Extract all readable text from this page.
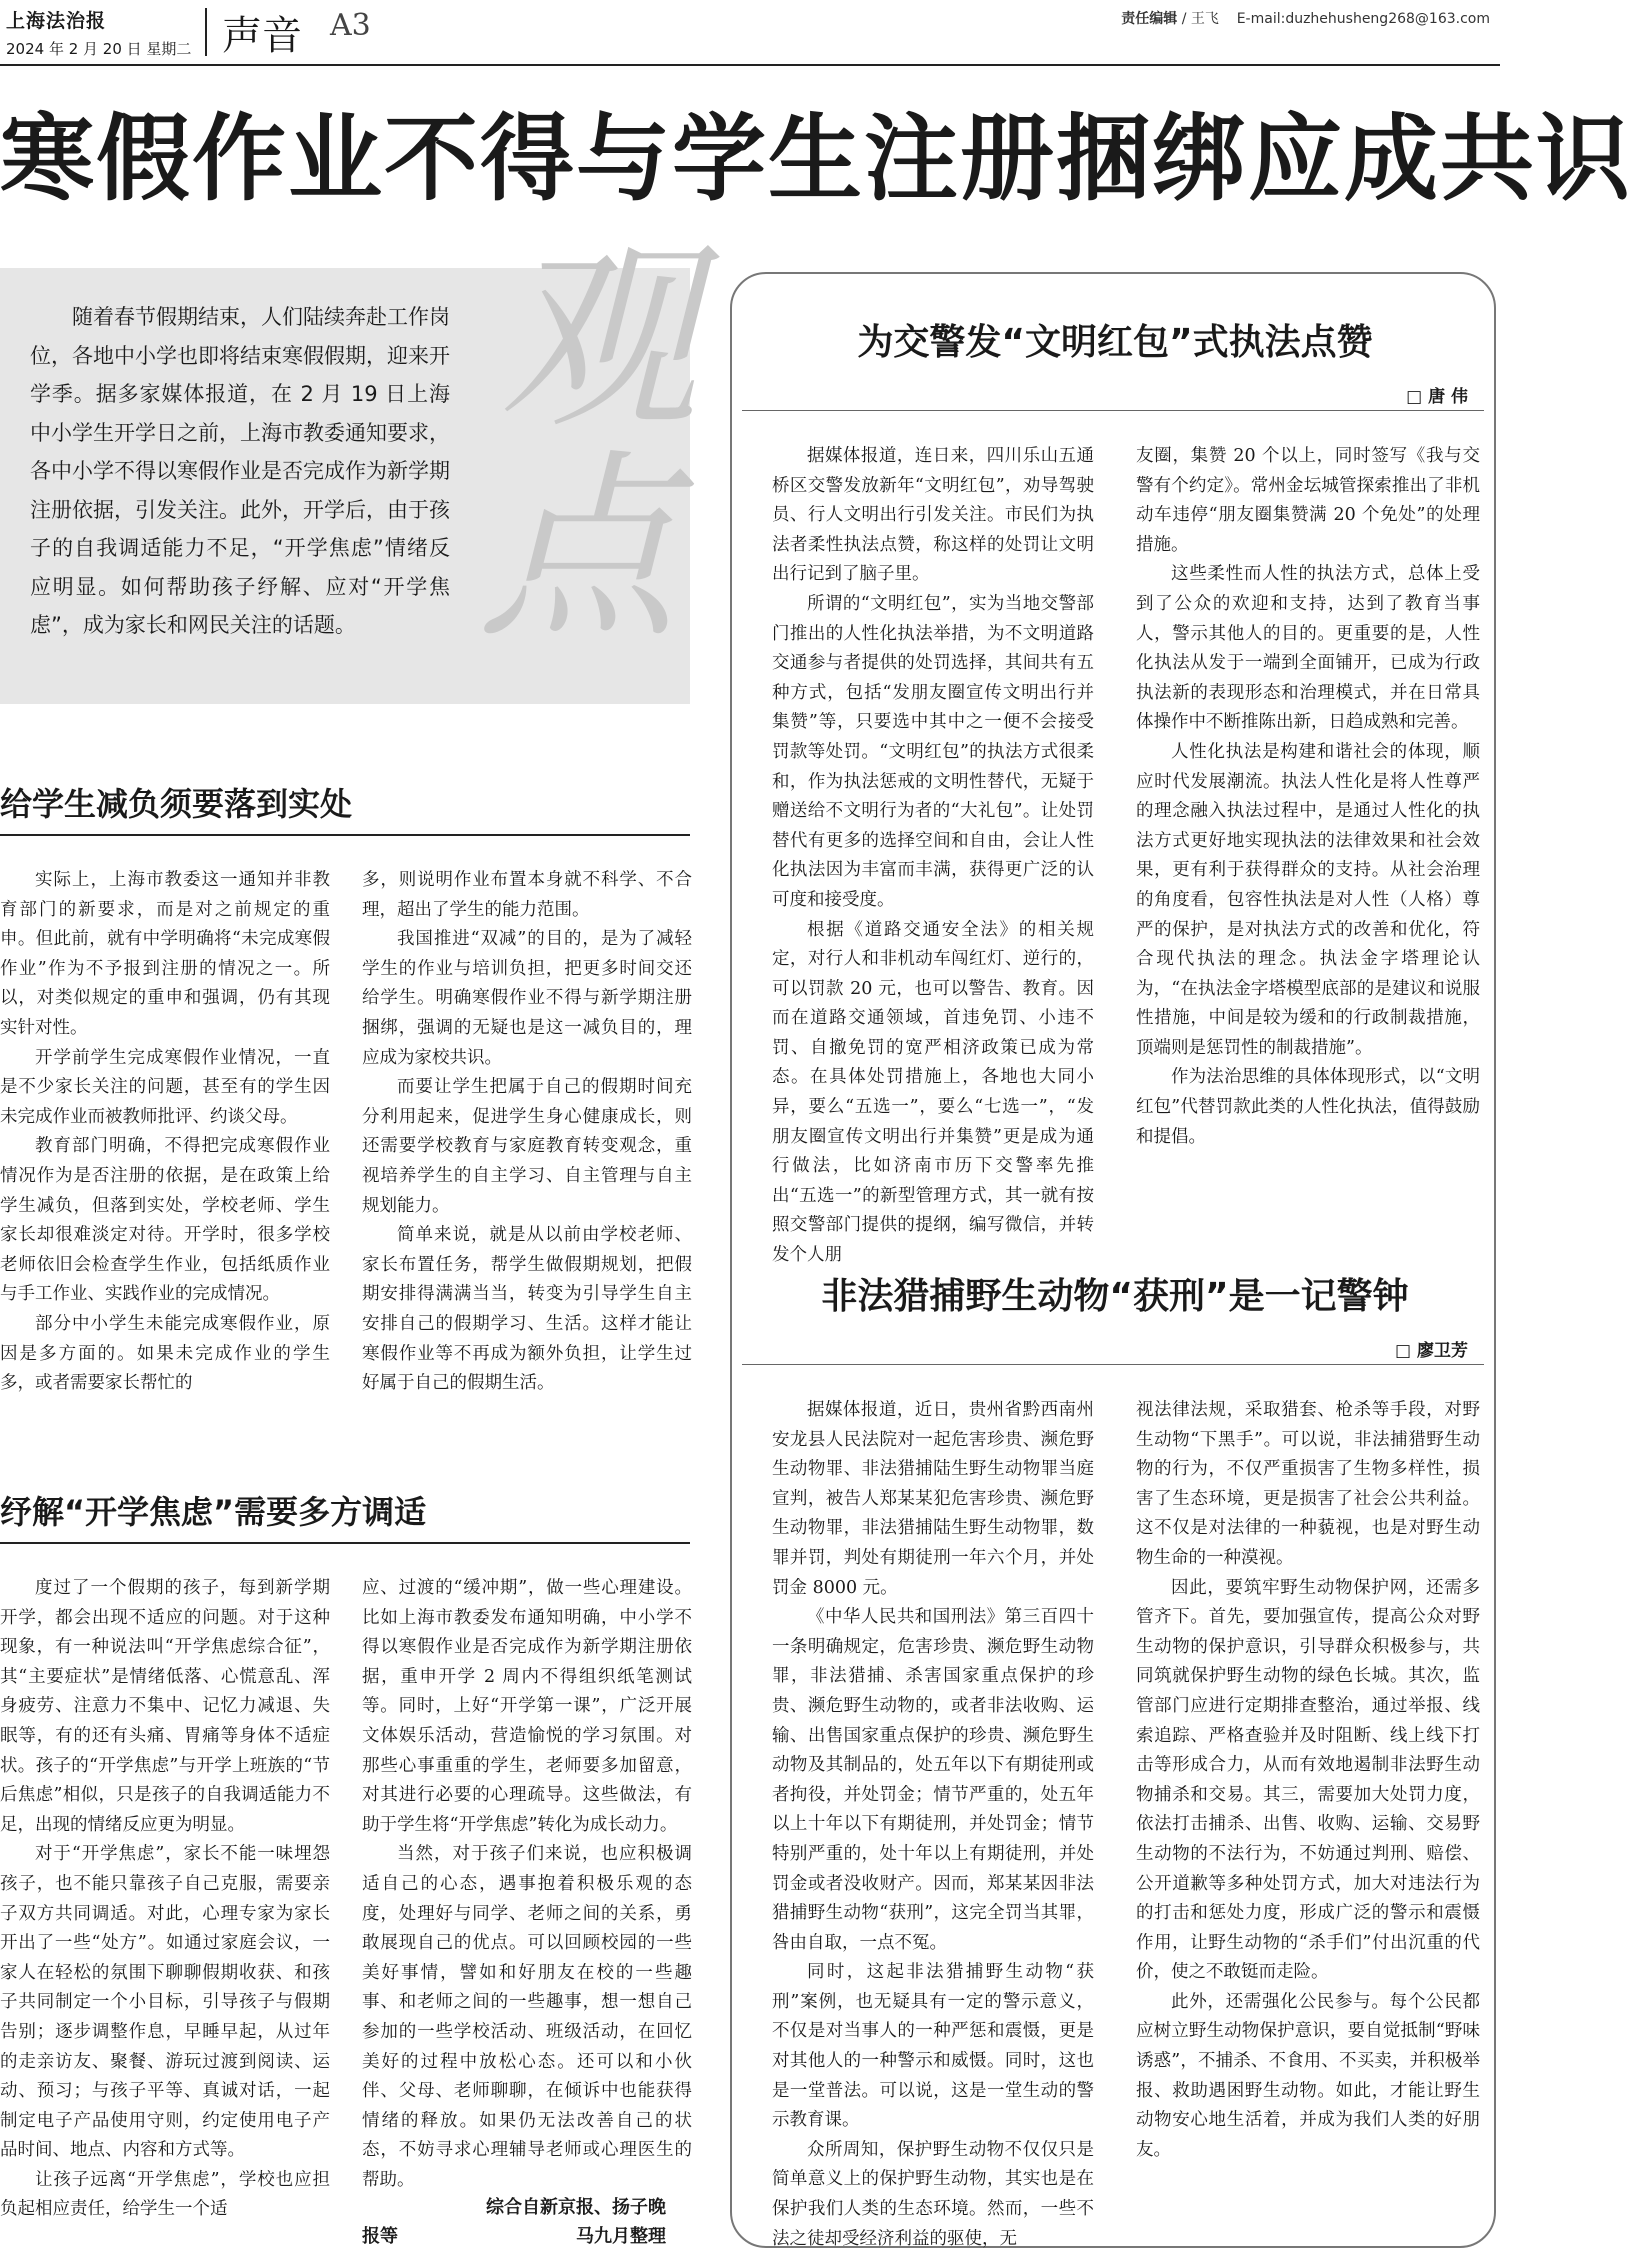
上海法治报
2024 年 2 月 20 日 星期二 声音 A3	责任编辑 / 王飞 E-mail:duzhehusheng268@163.com
寒假作业不得与学生注册捆绑应成共识

随着春节假期结束，人们陆续奔赴工作岗位，各地中小学也即将结束寒假假期，迎来开学季。据多家媒体报道，在 2 月 19 日上海中小学生开学日之前，上海市教委通知要求，各中小学不得以寒假作业是否完成作为新学期注册依据，引发关注。此外，开学后，由于孩子的自我调适能力不足，“开学焦虑”情绪反应明显。如何帮助孩子纾解、应对“开学焦虑”，成为家长和网民关注的话题。

观
点
给学生减负须要落到实处

实际上，上海市教委这一通知并非教育部门的新要求，而是对之前规定的重申。但此前，就有中学明确将“未完成寒假作业”作为不予报到注册的情况之一。所以，对类似规定的重申和强调，仍有其现实针对性。

开学前学生完成寒假作业情况，一直是不少家长关注的问题，甚至有的学生因未完成作业而被教师批评、约谈父母。

教育部门明确，不得把完成寒假作业情况作为是否注册的依据，是在政策上给学生减负，但落到实处，学校老师、学生家长却很难淡定对待。开学时，很多学校老师依旧会检查学生作业，包括纸质作业与手工作业、实践作业的完成情况。

部分中小学生未能完成寒假作业，原因是多方面的。如果未完成作业的学生多，或者需要家长帮忙的

多，则说明作业布置本身就不科学、不合理，超出了学生的能力范围。

我国推进“双减”的目的，是为了减轻学生的作业与培训负担，把更多时间交还给学生。明确寒假作业不得与新学期注册捆绑，强调的无疑也是这一减负目的，理应成为家校共识。

而要让学生把属于自己的假期时间充分利用起来，促进学生身心健康成长，则还需要学校教育与家庭教育转变观念，重视培养学生的自主学习、自主管理与自主规划能力。

简单来说，就是从以前由学校老师、家长布置任务，帮学生做假期规划，把假期安排得满满当当，转变为引导学生自主安排自己的假期学习、生活。这样才能让寒假作业等不再成为额外负担，让学生过好属于自己的假期生活。

纾解“开学焦虑”需要多方调适

度过了一个假期的孩子，每到新学期开学，都会出现不适应的问题。对于这种现象，有一种说法叫“开学焦虑综合征”，其“主要症状”是情绪低落、心慌意乱、浑身疲劳、注意力不集中、记忆力减退、失眠等，有的还有头痛、胃痛等身体不适症状。孩子的“开学焦虑”与开学上班族的“节后焦虑”相似，只是孩子的自我调适能力不足，出现的情绪反应更为明显。

对于“开学焦虑”，家长不能一味埋怨孩子，也不能只靠孩子自己克服，需要亲子双方共同调适。对此，心理专家为家长开出了一些“处方”。如通过家庭会议，一家人在轻松的氛围下聊聊假期收获、和孩子共同制定一个小目标，引导孩子与假期告别；逐步调整作息，早睡早起，从过年的走亲访友、聚餐、游玩过渡到阅读、运动、预习；与孩子平等、真诚对话，一起制定电子产品使用守则，约定使用电子产品时间、地点、内容和方式等。

让孩子远离“开学焦虑”，学校也应担负起相应责任，给学生一个适

应、过渡的“缓冲期”，做一些心理建设。比如上海市教委发布通知明确，中小学不得以寒假作业是否完成作为新学期注册依据，重申开学 2 周内不得组织纸笔测试等。同时，上好“开学第一课”，广泛开展文体娱乐活动，营造愉悦的学习氛围。对那些心事重重的学生，老师要多加留意，对其进行必要的心理疏导。这些做法，有助于学生将“开学焦虑”转化为成长动力。

当然，对于孩子们来说，也应积极调适自己的心态，遇事抱着积极乐观的态度，处理好与同学、老师之间的关系，勇敢展现自己的优点。可以回顾校园的一些美好事情，譬如和好朋友在校的一些趣事、和老师之间的一些趣事，想一想自己参加的一些学校活动、班级活动，在回忆美好的过程中放松心态。还可以和小伙伴、父母、老师聊聊，在倾诉中也能获得情绪的释放。如果仍无法改善自己的状态，不妨寻求心理辅导老师或心理医生的帮助。

综合自新京报、扬子晚
报等	马九月整理
为交警发“文明红包”式执法点赞
□ 唐 伟
非法猎捕野生动物“获刑”是一记警钟
□ 廖卫芳

据媒体报道，连日来，四川乐山五通桥区交警发放新年“文明红包”，劝导驾驶员、行人文明出行引发关注。市民们为执法者柔性执法点赞，称这样的处罚让文明出行记到了脑子里。

所谓的“文明红包”，实为当地交警部门推出的人性化执法举措，为不文明道路交通参与者提供的处罚选择，其间共有五种方式，包括“发朋友圈宣传文明出行并集赞”等，只要选中其中之一便不会接受罚款等处罚。“文明红包”的执法方式很柔和，作为执法惩戒的文明性替代，无疑于赠送给不文明行为者的“大礼包”。让处罚替代有更多的选择空间和自由，会让人性化执法因为丰富而丰满，获得更广泛的认可度和接受度。

根据《道路交通安全法》的相关规定，对行人和非机动车闯红灯、逆行的，可以罚款 20 元，也可以警告、教育。因而在道路交通领域，首违免罚、小违不罚、自撤免罚的宽严相济政策已成为常态。在具体处罚措施上，各地也大同小异，要么“五选一”，要么“七选一”，“发朋友圈宣传文明出行并集赞”更是成为通行做法，比如济南市历下交警率先推出“五选一”的新型管理方式，其一就有按照交警部门提供的提纲，编写微信，并转发个人朋

友圈，集赞 20 个以上，同时签写《我与交警有个约定》。常州金坛城管探索推出了非机动车违停“朋友圈集赞满 20 个免处”的处理措施。

这些柔性而人性的执法方式，总体上受到了公众的欢迎和支持，达到了教育当事人，警示其他人的目的。更重要的是，人性化执法从发于一端到全面铺开，已成为行政执法新的表现形态和治理模式，并在日常具体操作中不断推陈出新，日趋成熟和完善。

人性化执法是构建和谐社会的体现，顺应时代发展潮流。执法人性化是将人性尊严的理念融入执法过程中，是通过人性化的执法方式更好地实现执法的法律效果和社会效果，更有利于获得群众的支持。从社会治理的角度看，包容性执法是对人性（人格）尊严的保护，是对执法方式的改善和优化，符合现代执法的理念。执法金字塔理论认为，“在执法金字塔模型底部的是建议和说服性措施，中间是较为缓和的行政制裁措施，顶端则是惩罚性的制裁措施”。

作为法治思维的具体体现形式，以“文明红包”代替罚款此类的人性化执法，值得鼓励和提倡。

据媒体报道，近日，贵州省黔西南州安龙县人民法院对一起危害珍贵、濒危野生动物罪、非法猎捕陆生野生动物罪当庭宣判，被告人郑某某犯危害珍贵、濒危野生动物罪，非法猎捕陆生野生动物罪，数罪并罚，判处有期徒刑一年六个月，并处罚金 8000 元。

《中华人民共和国刑法》第三百四十一条明确规定，危害珍贵、濒危野生动物罪，非法猎捕、杀害国家重点保护的珍贵、濒危野生动物的，或者非法收购、运输、出售国家重点保护的珍贵、濒危野生动物及其制品的，处五年以下有期徒刑或者拘役，并处罚金；情节严重的，处五年以上十年以下有期徒刑，并处罚金；情节特别严重的，处十年以上有期徒刑，并处罚金或者没收财产。因而，郑某某因非法猎捕野生动物“获刑”，这完全罚当其罪，咎由自取，一点不冤。

同时，这起非法猎捕野生动物“获刑”案例，也无疑具有一定的警示意义，不仅是对当事人的一种严惩和震慑，更是对其他人的一种警示和威慑。同时，这也是一堂普法。可以说，这是一堂生动的警示教育课。

众所周知，保护野生动物不仅仅只是简单意义上的保护野生动物，其实也是在保护我们人类的生态环境。然而，一些不法之徒却受经济利益的驱使，无

视法律法规，采取猎套、枪杀等手段，对野生动物“下黑手”。可以说，非法捕猎野生动物的行为，不仅严重损害了生物多样性，损害了生态环境，更是损害了社会公共利益。这不仅是对法律的一种藐视，也是对野生动物生命的一种漠视。

因此，要筑牢野生动物保护网，还需多管齐下。首先，要加强宣传，提高公众对野生动物的保护意识，引导群众积极参与，共同筑就保护野生动物的绿色长城。其次，监管部门应进行定期排查整治，通过举报、线索追踪、严格查验并及时阻断、线上线下打击等形成合力，从而有效地遏制非法野生动物捕杀和交易。其三，需要加大处罚力度，依法打击捕杀、出售、收购、运输、交易野生动物的不法行为，不妨通过判刑、赔偿、公开道歉等多种处罚方式，加大对违法行为的打击和惩处力度，形成广泛的警示和震慑作用，让野生动物的“杀手们”付出沉重的代价，使之不敢铤而走险。

此外，还需强化公民参与。每个公民都应树立野生动物保护意识，要自觉抵制“野味诱惑”，不捕杀、不食用、不买卖，并积极举报、救助遇困野生动物。如此，才能让野生动物安心地生活着，并成为我们人类的好朋友。
